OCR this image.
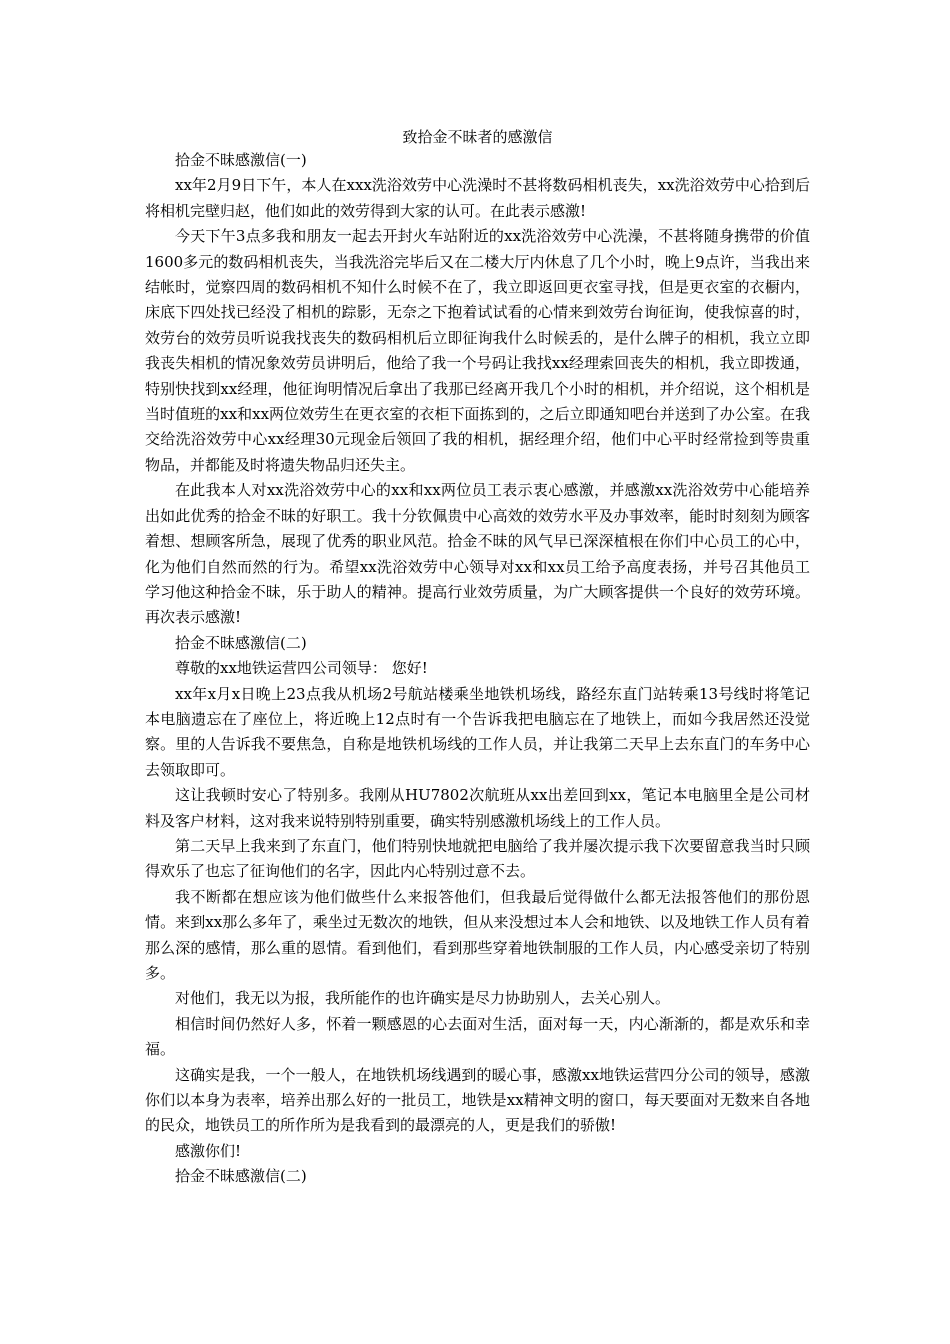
致拾金不昧者的感激信

拾金不昧感激信(一)

xx年2月9日下午，本人在xxx洗浴效劳中心洗澡时不甚将数码相机丧失，xx洗浴效劳中心拾到后将相机完壁归赵，他们如此的效劳得到大家的认可。在此表示感激!

今天下午3点多我和朋友一起去开封火车站附近的xx洗浴效劳中心洗澡，不甚将随身携带的价值1600多元的数码相机丧失，当我洗浴完毕后又在二楼大厅内休息了几个小时，晚上9点许，当我出来结帐时，觉察四周的数码相机不知什么时候不在了，我立即返回更衣室寻找，但是更衣室的衣橱内，床底下四处找已经没了相机的踪影，无奈之下抱着试试看的心情来到效劳台询征询，使我惊喜的时，效劳台的效劳员听说我找丧失的数码相机后立即征询我什么时候丢的，是什么牌子的相机，我立立即我丧失相机的情况象效劳员讲明后，他给了我一个号码让我找xx经理索回丧失的相机，我立即拨通，特别快找到xx经理，他征询明情况后拿出了我那已经离开我几个小时的相机，并介绍说，这个相机是当时值班的xx和xx两位效劳生在更衣室的衣柜下面拣到的，之后立即通知吧台并送到了办公室。在我交给洗浴效劳中心xx经理30元现金后领回了我的相机，据经理介绍，他们中心平时经常捡到等贵重物品，并都能及时将遗失物品归还失主。

在此我本人对xx洗浴效劳中心的xx和xx两位员工表示衷心感激，并感激xx洗浴效劳中心能培养出如此优秀的拾金不昧的好职工。我十分钦佩贵中心高效的效劳水平及办事效率，能时时刻刻为顾客着想、想顾客所急，展现了优秀的职业风范。拾金不昧的风气早已深深植根在你们中心员工的心中，化为他们自然而然的行为。希望xx洗浴效劳中心领导对xx和xx员工给予高度表扬，并号召其他员工学习他这种拾金不昧，乐于助人的精神。提高行业效劳质量，为广大顾客提供一个良好的效劳环境。再次表示感激!

拾金不昧感激信(二)

尊敬的xx地铁运营四公司领导： 您好!

xx年x月x日晚上23点我从机场2号航站楼乘坐地铁机场线，路经东直门站转乘13号线时将笔记本电脑遗忘在了座位上，将近晚上12点时有一个告诉我把电脑忘在了地铁上，而如今我居然还没觉察。里的人告诉我不要焦急，自称是地铁机场线的工作人员，并让我第二天早上去东直门的车务中心去领取即可。

这让我顿时安心了特别多。我刚从HU7802次航班从xx出差回到xx，笔记本电脑里全是公司材料及客户材料，这对我来说特别特别重要，确实特别感激机场线上的工作人员。

第二天早上我来到了东直门，他们特别快地就把电脑给了我并屡次提示我下次要留意我当时只顾得欢乐了也忘了征询他们的名字，因此内心特别过意不去。

我不断都在想应该为他们做些什么来报答他们，但我最后觉得做什么都无法报答他们的那份恩情。来到xx那么多年了，乘坐过无数次的地铁，但从来没想过本人会和地铁、以及地铁工作人员有着那么深的感情，那么重的恩情。看到他们，看到那些穿着地铁制服的工作人员，内心感受亲切了特别多。

对他们，我无以为报，我所能作的也许确实是尽力协助别人，去关心别人。

相信时间仍然好人多，怀着一颗感恩的心去面对生活，面对每一天，内心渐渐的，都是欢乐和幸福。

这确实是我，一个一般人，在地铁机场线遇到的暖心事，感激xx地铁运营四分公司的领导，感激你们以本身为表率，培养出那么好的一批员工，地铁是xx精神文明的窗口，每天要面对无数来自各地的民众，地铁员工的所作所为是我看到的最漂亮的人，更是我们的骄傲!

感激你们!

拾金不昧感激信(二)
